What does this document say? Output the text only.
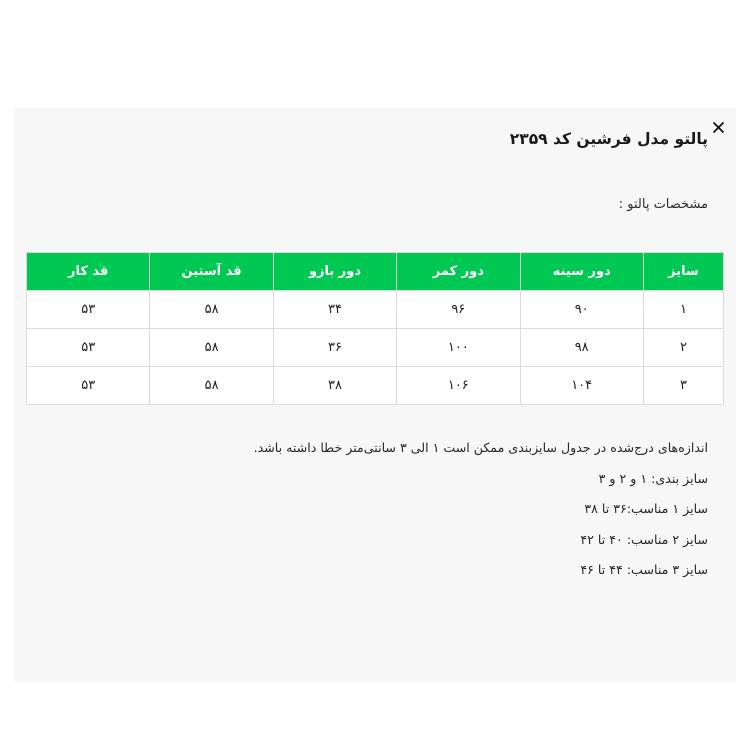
پالتو مدل فرشین کد ۲۳۵۹
مشخصات پالتو :
سایز	دور سینه	دور کمر	دور بازو	قد آستین	قد کار
۱	۹۰	۹۶	۳۴	۵۸	۵۳
۲	۹۸	۱۰۰	۳۶	۵۸	۵۳
۳	۱۰۴	۱۰۶	۳۸	۵۸	۵۳
اندازه‌های درج‌شده در جدول سایزبندی ممکن است ۱ الی ۳ سانتی‌متر خطا داشته باشد.
سایز بندی: ۱ و ۲ و ۳
سایز ۱ مناسب:۳۶ تا ۳۸
سایز ۲ مناسب: ۴۰ تا ۴۲
سایز ۳ مناسب: ۴۴ تا ۴۶
